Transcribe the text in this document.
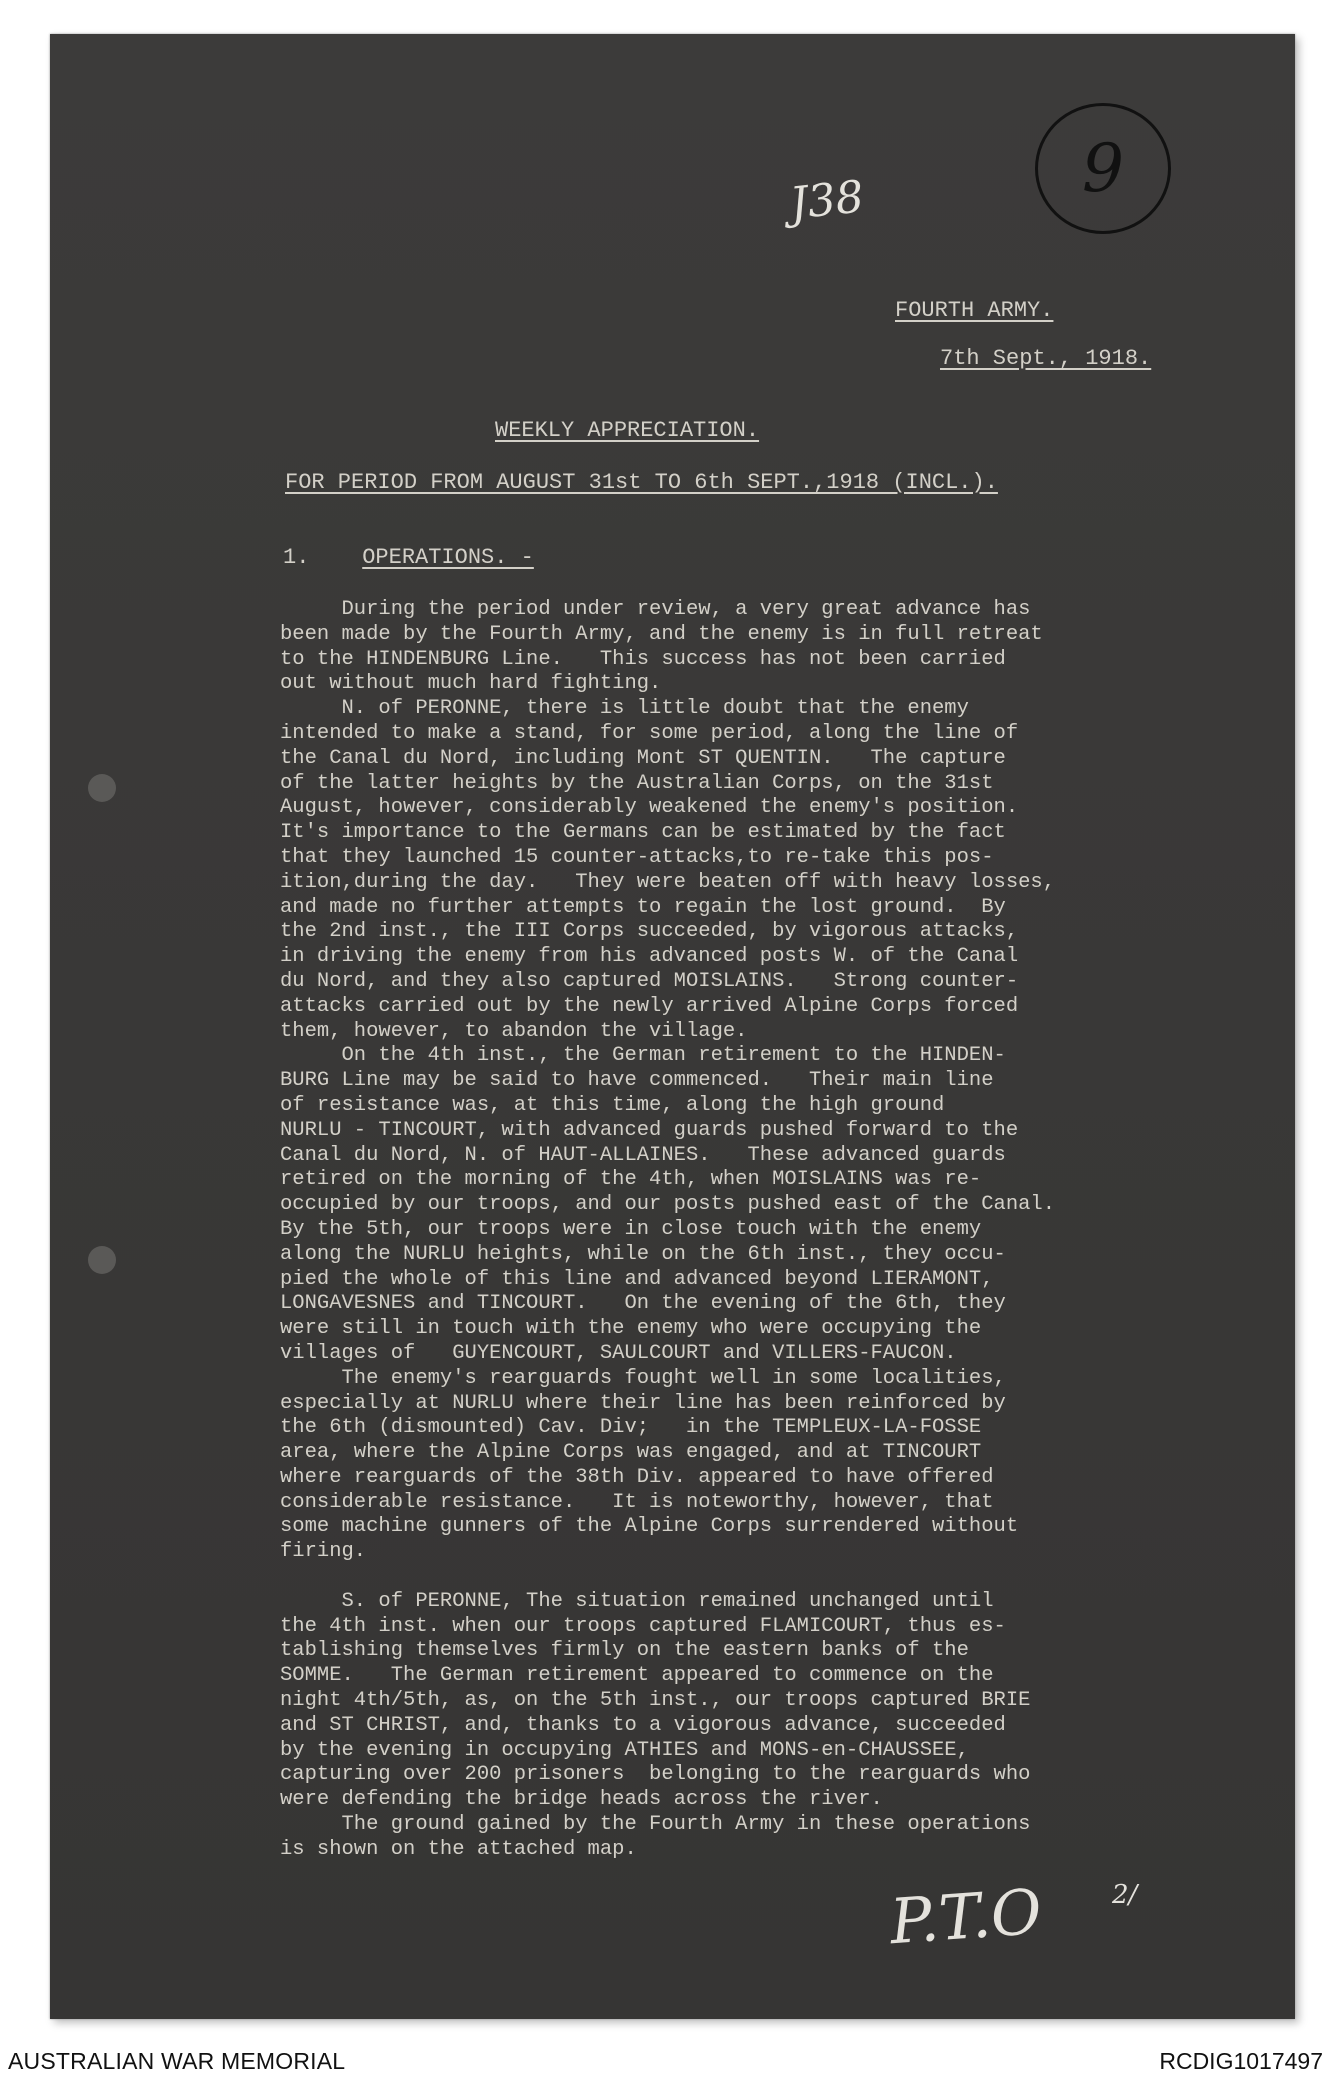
J38	9
FOURTH ARMY.
7th Sept., 1918.
WEEKLY APPRECIATION.
FOR PERIOD FROM AUGUST 31st TO 6th SEPT.,1918 (INCL.).
1. OPERATIONS. -
During the period under review, a very great advance has
been made by the Fourth Army, and the enemy is in full retreat
to the HINDENBURG Line.   This success has not been carried
out without much hard fighting.
N. of PERONNE, there is little doubt that the enemy
intended to make a stand, for some period, along the line of
the Canal du Nord, including Mont ST QUENTIN.   The capture
of the latter heights by the Australian Corps, on the 31st
August, however, considerably weakened the enemy's position.
It's importance to the Germans can be estimated by the fact
that they launched 15 counter-attacks,to re-take this pos-
ition,during the day.   They were beaten off with heavy losses,
and made no further attempts to regain the lost ground.  By
the 2nd inst., the III Corps succeeded, by vigorous attacks,
in driving the enemy from his advanced posts W. of the Canal
du Nord, and they also captured MOISLAINS.   Strong counter-
attacks carried out by the newly arrived Alpine Corps forced
them, however, to abandon the village.
On the 4th inst., the German retirement to the HINDEN-
BURG Line may be said to have commenced.   Their main line
of resistance was, at this time, along the high ground
NURLU - TINCOURT, with advanced guards pushed forward to the
Canal du Nord, N. of HAUT-ALLAINES.   These advanced guards
retired on the morning of the 4th, when MOISLAINS was re-
occupied by our troops, and our posts pushed east of the Canal.
By the 5th, our troops were in close touch with the enemy
along the NURLU heights, while on the 6th inst., they occu-
pied the whole of this line and advanced beyond LIERAMONT,
LONGAVESNES and TINCOURT.   On the evening of the 6th, they
were still in touch with the enemy who were occupying the
villages of   GUYENCOURT, SAULCOURT and VILLERS-FAUCON.
The enemy's rearguards fought well in some localities,
especially at NURLU where their line has been reinforced by
the 6th (dismounted) Cav. Div;   in the TEMPLEUX-LA-FOSSE
area, where the Alpine Corps was engaged, and at TINCOURT
where rearguards of the 38th Div. appeared to have offered
considerable resistance.   It is noteworthy, however, that
some machine gunners of the Alpine Corps surrendered without
firing.
S. of PERONNE, The situation remained unchanged until
the 4th inst. when our troops captured FLAMICOURT, thus es-
tablishing themselves firmly on the eastern banks of the
SOMME.   The German retirement appeared to commence on the
night 4th/5th, as, on the 5th inst., our troops captured BRIE
and ST CHRIST, and, thanks to a vigorous advance, succeeded
by the evening in occupying ATHIES and MONS-en-CHAUSSEE,
capturing over 200 prisoners  belonging to the rearguards who
were defending the bridge heads across the river.
The ground gained by the Fourth Army in these operations
is shown on the attached map.
P.T.O	2/
AUSTRALIAN WAR MEMORIAL	RCDIG1017497
